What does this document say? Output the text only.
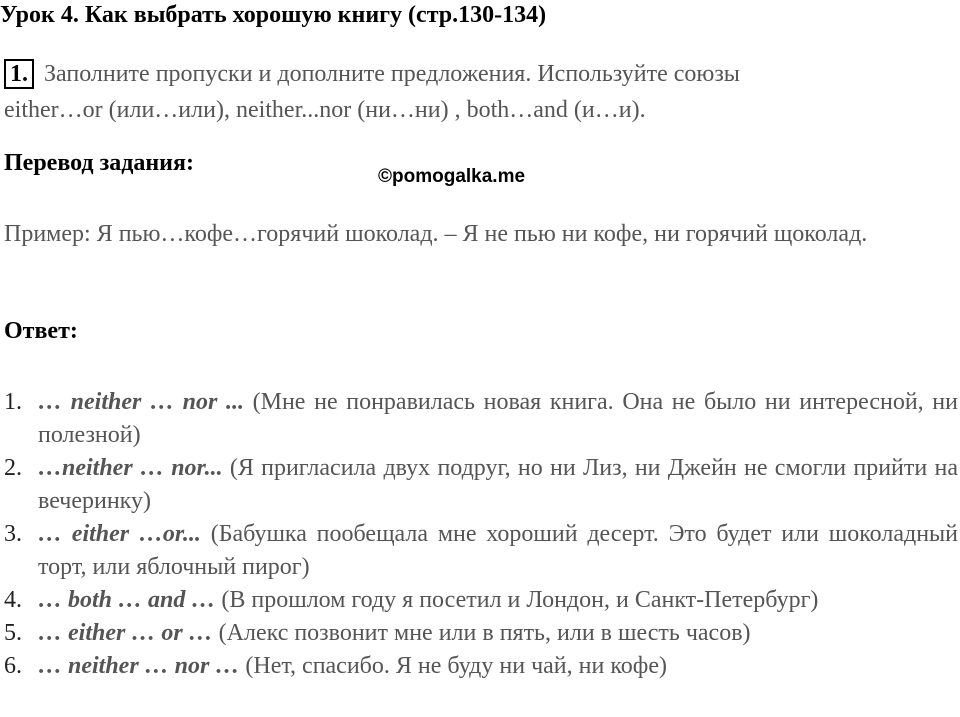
Урок 4. Как выбрать хорошую книгу (стр.130-134)
1. Заполните пропуски и дополните предложения. Используйте союзы
either…or (или…или), neither...nor (ни…ни) , both…and (и…и).
Перевод задания:
©pomogalka.me
Пример: Я пью…кофе…горячий шоколад. – Я не пью ни кофе, ни горячий щоколад.
Ответ:
1. … neither … nor ... (Мне не понравилась новая книга. Она не было ни интересной, ни полезной)
2. …neither … nor... (Я пригласила двух подруг, но ни Лиз, ни Джейн не смогли прийти на вечеринку)
3. … either …or... (Бабушка пообещала мне хороший десерт. Это будет или шоколадный торт, или яблочный пирог)
4. … both … and … (В прошлом году я посетил и Лондон, и Санкт-Петербург)
5. … either … or … (Алекс позвонит мне или в пять, или в шесть часов)
6. … neither … nor … (Нет, спасибо. Я не буду ни чай, ни кофе)
